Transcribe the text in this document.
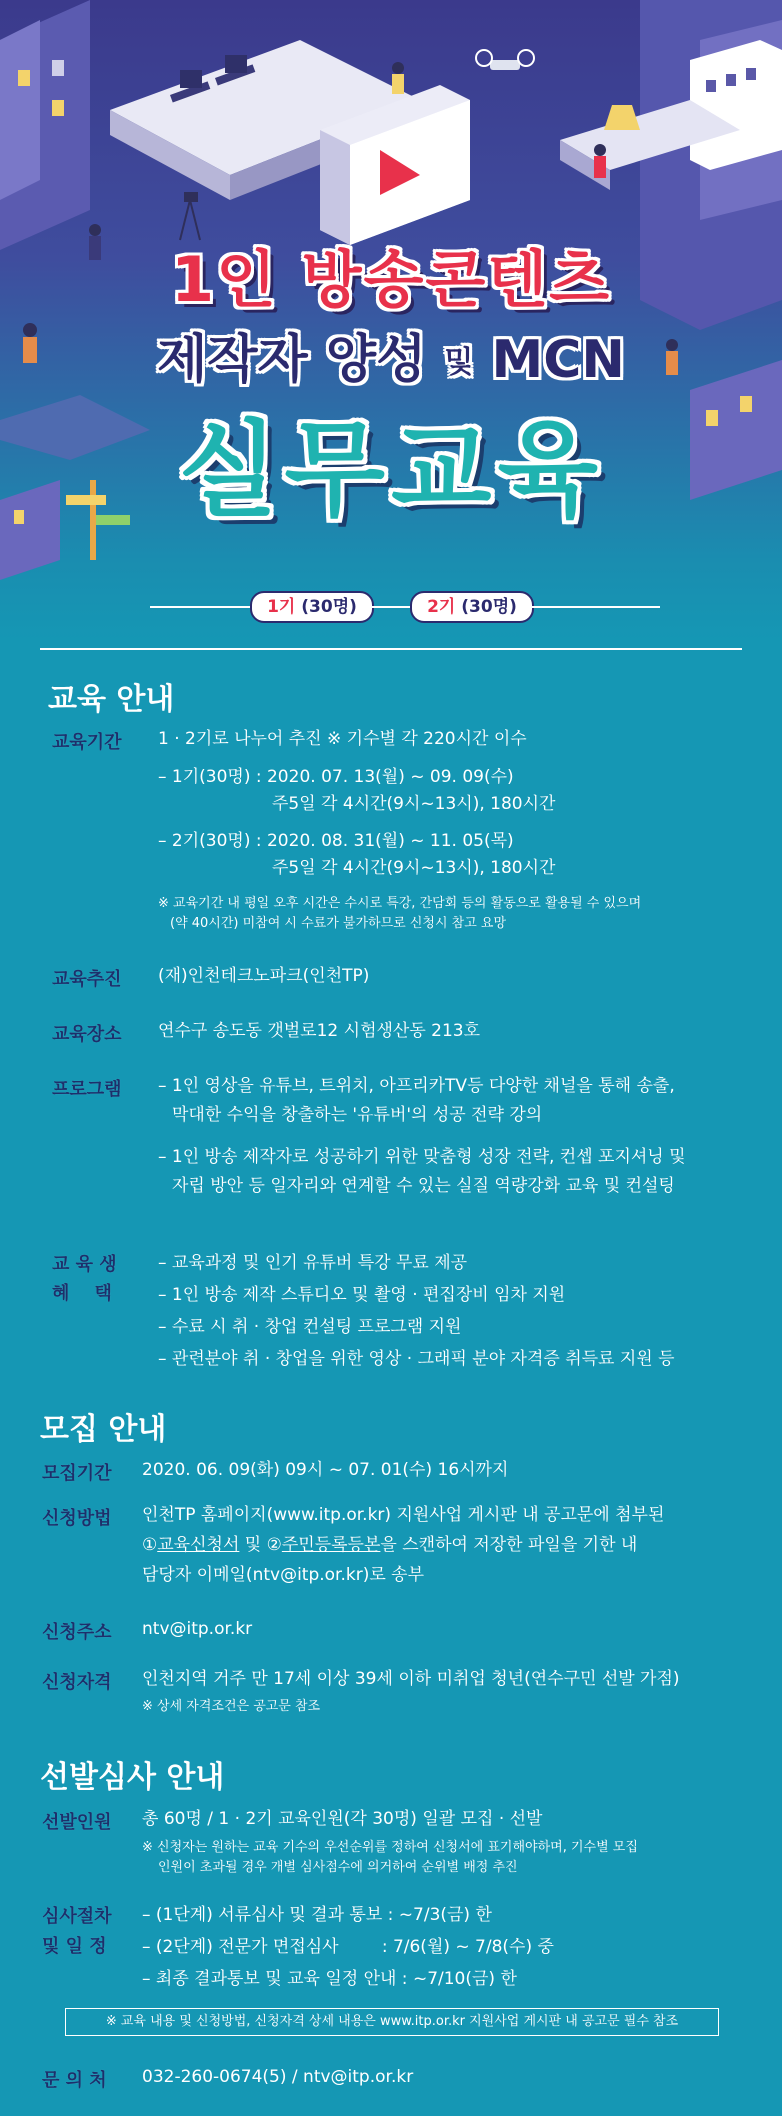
1인 방송콘텐츠
제작자 양성 및 MCN
실무교육
1기 (30명)	2기 (30명)
교육 안내
교육기간 1 · 2기로 나누어 추진 ※ 기수별 각 220시간 이수
– 1기(30명) : 2020. 07. 13(월) ~ 09. 09(수)
주5일 각 4시간(9시~13시), 180시간
– 2기(30명) : 2020. 08. 31(월) ~ 11. 05(목)
주5일 각 4시간(9시~13시), 180시간
※ 교육기간 내 평일 오후 시간은 수시로 특강, 간담회 등의 활동으로 활용될 수 있으며
(약 40시간) 미참여 시 수료가 불가하므로 신청시 참고 요망
교육추진 (재)인천테크노파크(인천TP)
교육장소 연수구 송도동 갯벌로12 시험생산동 213호
프로그램 – 1인 영상을 유튜브, 트위치, 아프리카TV등 다양한 채널을 통해 송출,
막대한 수익을 창출하는 '유튜버'의 성공 전략 강의
– 1인 방송 제작자로 성공하기 위한 맞춤형 성장 전략, 컨셉 포지셔닝 및
자립 방안 등 일자리와 연계할 수 있는 실질 역량강화 교육 및 컨설팅
교 육 생
혜    택
– 교육과정 및 인기 유튜버 특강 무료 제공
– 1인 방송 제작 스튜디오 및 촬영 · 편집장비 임차 지원
– 수료 시 취 · 창업 컨설팅 프로그램 지원
– 관련분야 취 · 창업을 위한 영상 · 그래픽 분야 자격증 취득료 지원 등
모집 안내
모집기간 2020. 06. 09(화) 09시 ~ 07. 01(수) 16시까지
신청방법 인천TP 홈페이지(www.itp.or.kr) 지원사업 게시판 내 공고문에 첨부된
①교육신청서 및 ②주민등록등본을 스캔하여 저장한 파일을 기한 내
담당자 이메일(ntv@itp.or.kr)로 송부
신청주소 ntv@itp.or.kr
신청자격 인천지역 거주 만 17세 이상 39세 이하 미취업 청년(연수구민 선발 가점)
※ 상세 자격조건은 공고문 참조
선발심사 안내
선발인원 총 60명 / 1 · 2기 교육인원(각 30명) 일괄 모집 · 선발
※ 신청자는 원하는 교육 기수의 우선순위를 정하여 신청서에 표기해야하며, 기수별 모집
인원이 초과될 경우 개별 심사점수에 의거하여 순위별 배정 추진
심사절차
및 일 정
– (1단계) 서류심사 및 결과 통보 : ~7/3(금) 한
– (2단계) 전문가 면접심사        : 7/6(월) ~ 7/8(수) 중
– 최종 결과통보 및 교육 일정 안내 : ~7/10(금) 한
※ 교육 내용 및 신청방법, 신청자격 상세 내용은 www.itp.or.kr 지원사업 게시판 내 공고문 필수 참조
문 의 처 032-260-0674(5) / ntv@itp.or.kr
